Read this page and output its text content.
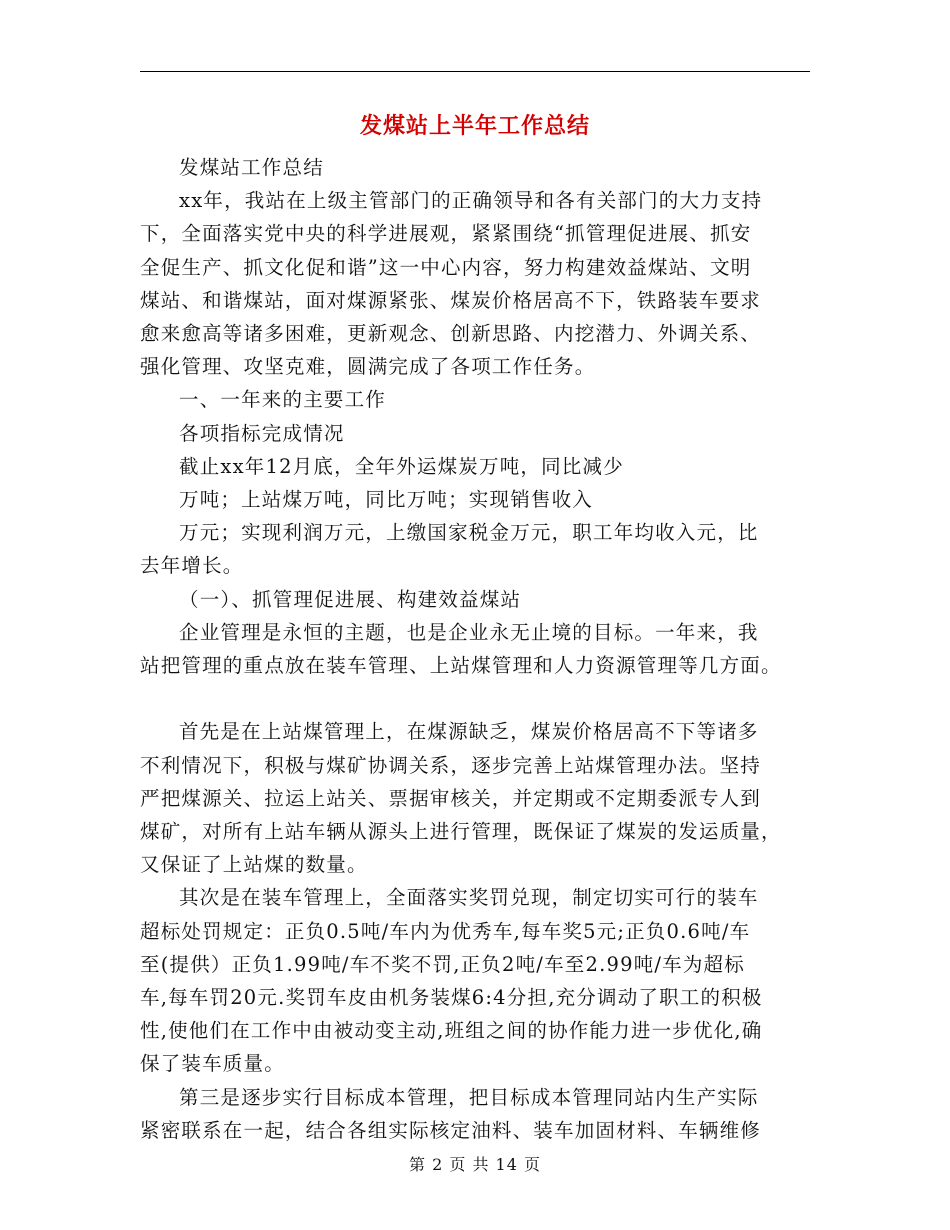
发煤站上半年工作总结

发煤站工作总结

xx年，我站在上级主管部门的正确领导和各有关部门的大力支持
下，全面落实党中央的科学进展观，紧紧围绕“抓管理促进展、抓安
全促生产、抓文化促和谐”这一中心内容，努力构建效益煤站、文明
煤站、和谐煤站，面对煤源紧张、煤炭价格居高不下，铁路装车要求
愈来愈高等诸多困难，更新观念、创新思路、内挖潜力、外调关系、
强化管理、攻坚克难，圆满完成了各项工作任务。

一、一年来的主要工作

各项指标完成情况

截止xx年12月底，全年外运煤炭万吨，同比减少

万吨；上站煤万吨，同比万吨；实现销售收入

万元；实现利润万元，上缴国家税金万元，职工年均收入元，比
去年增长。

（一）、抓管理促进展、构建效益煤站

企业管理是永恒的主题，也是企业永无止境的目标。一年来，我
站把管理的重点放在装车管理、上站煤管理和人力资源管理等几方面。

首先是在上站煤管理上，在煤源缺乏，煤炭价格居高不下等诸多
不利情况下，积极与煤矿协调关系，逐步完善上站煤管理办法。坚持
严把煤源关、拉运上站关、票据审核关，并定期或不定期委派专人到
煤矿，对所有上站车辆从源头上进行管理，既保证了煤炭的发运质量，
又保证了上站煤的数量。

其次是在装车管理上，全面落实奖罚兑现，制定切实可行的装车
超标处罚规定：正负0.5吨/车内为优秀车,每车奖5元;正负0.6吨/车
至(提供）正负1.99吨/车不奖不罚,正负2吨/车至2.99吨/车为超标
车,每车罚20元.奖罚车皮由机务装煤6:4分担,充分调动了职工的积极
性,使他们在工作中由被动变主动,班组之间的协作能力进一步优化,确
保了装车质量。

第三是逐步实行目标成本管理，把目标成本管理同站内生产实际
紧密联系在一起，结合各组实际核定油料、装车加固材料、车辆维修

第 2 页 共 14 页
